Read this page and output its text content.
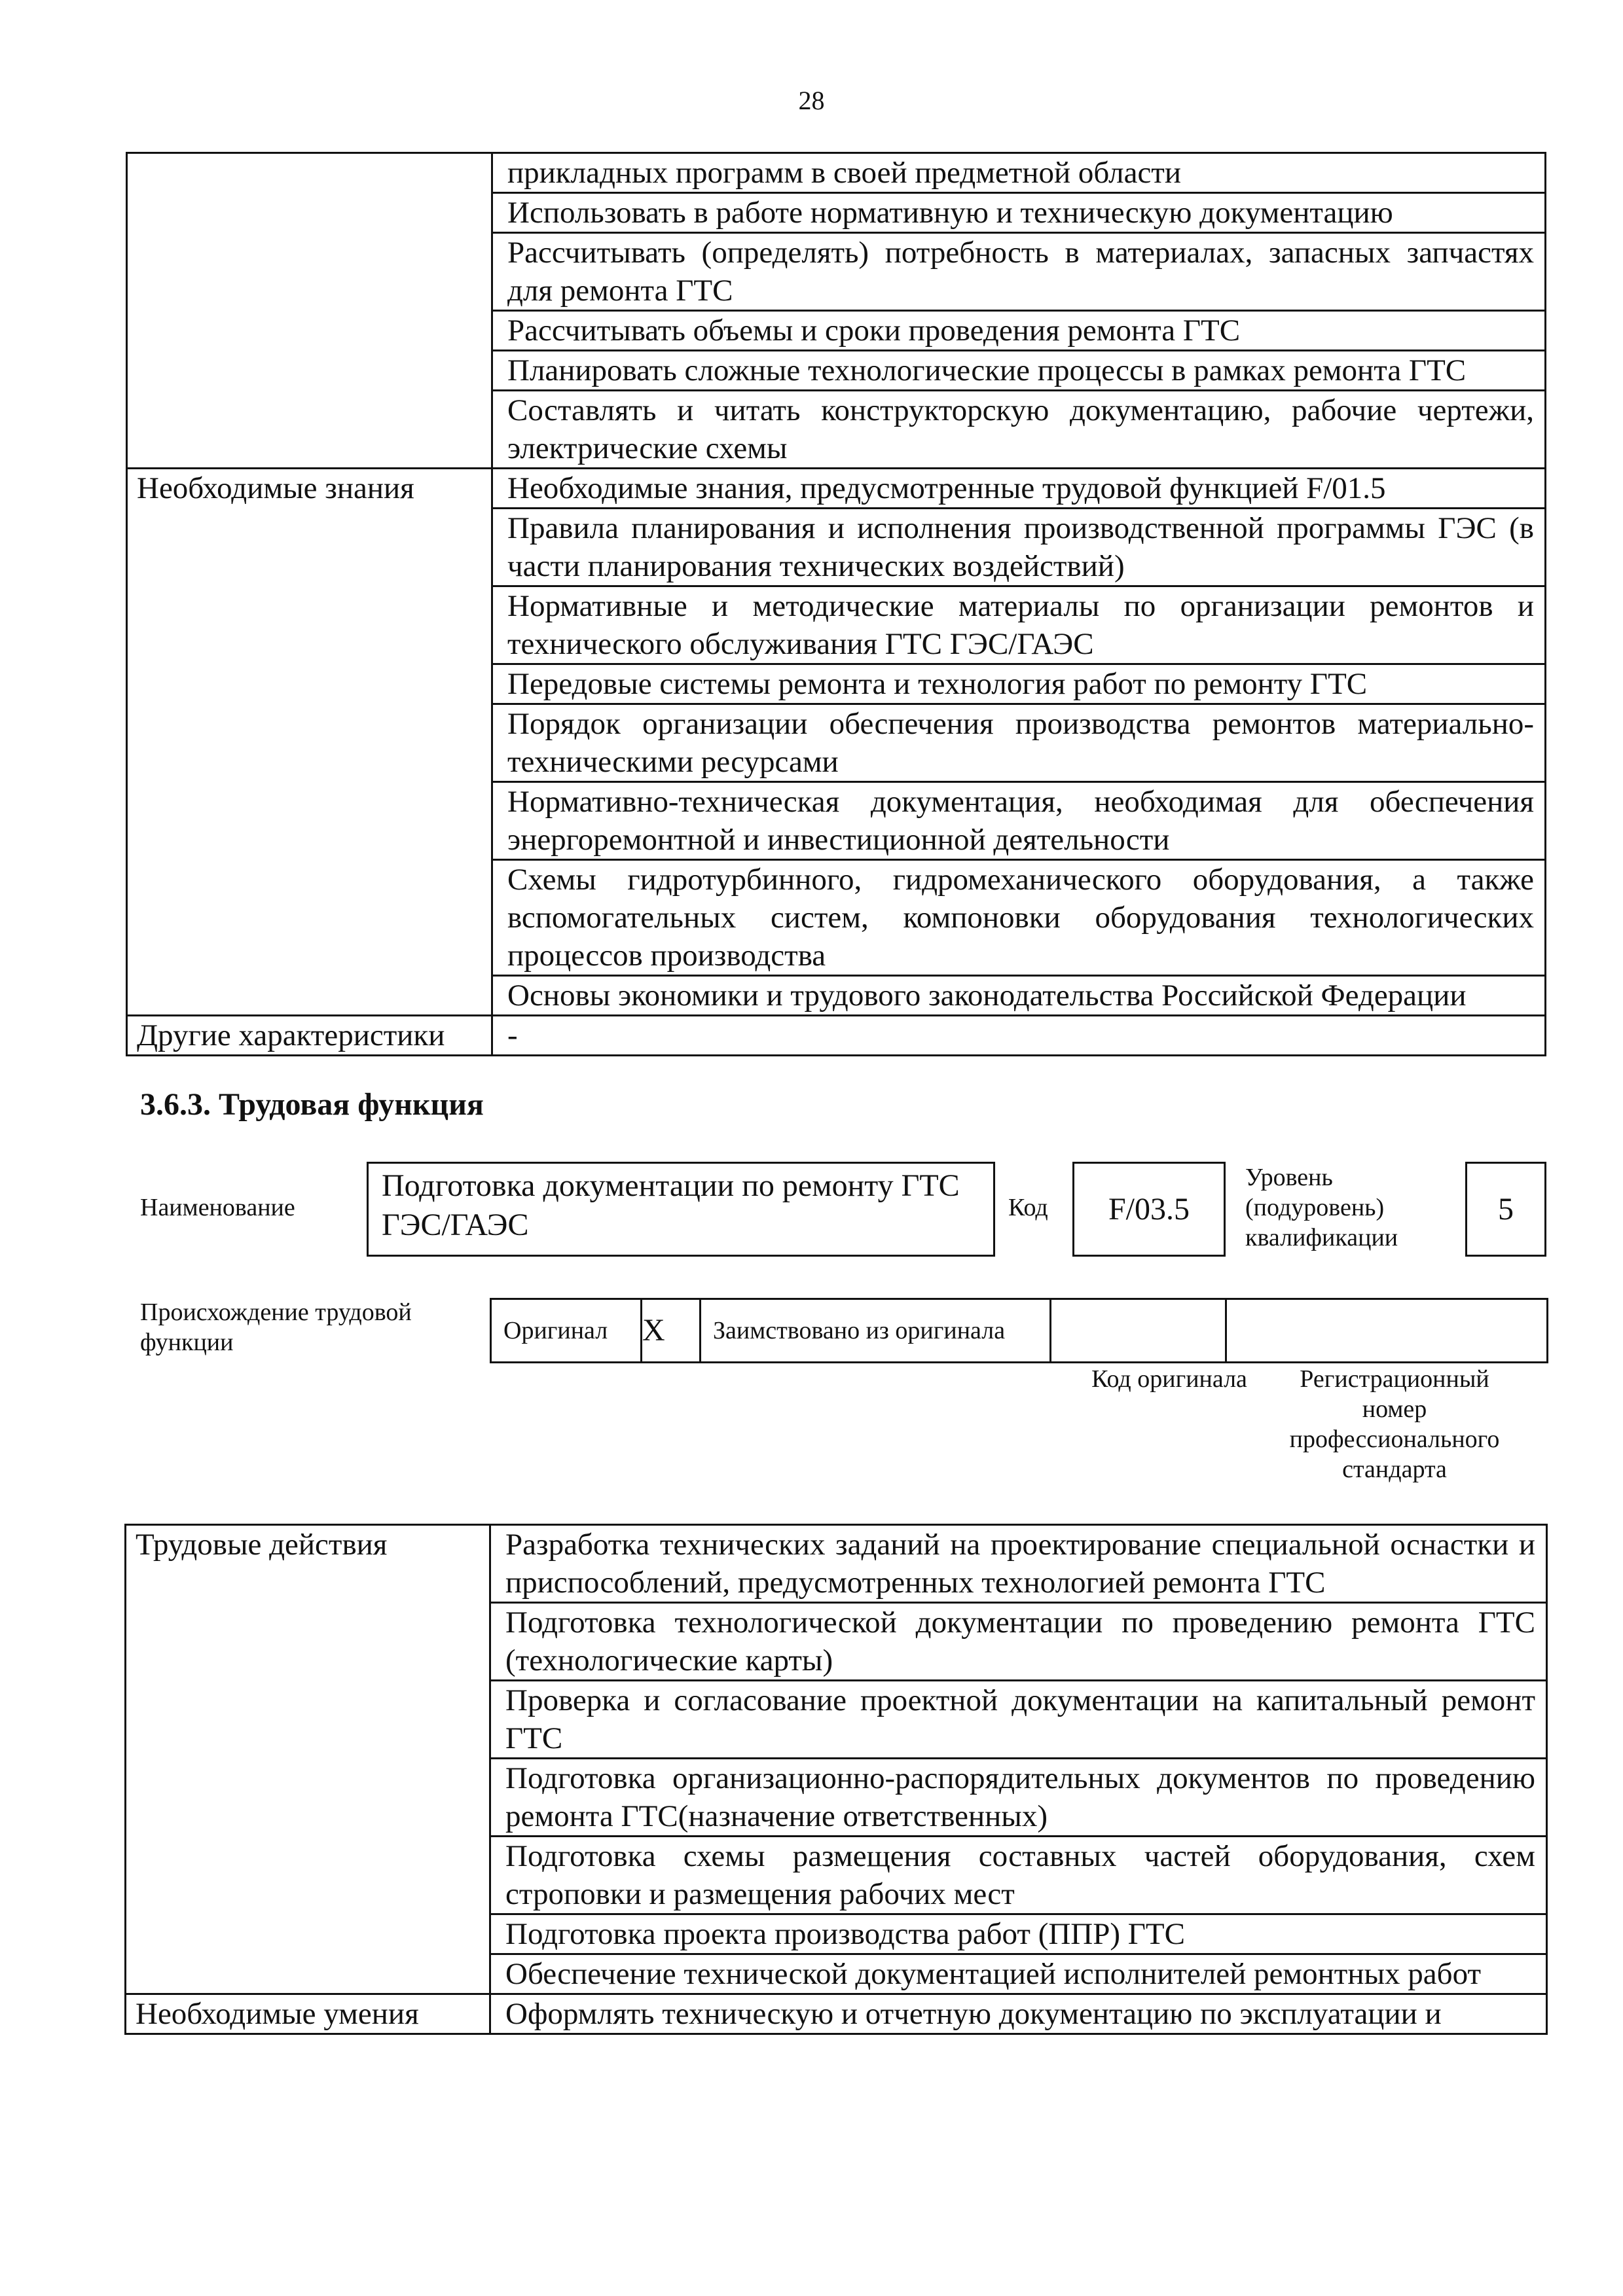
28
	прикладных программ в своей предметной области
	Использовать в работе нормативную и техническую документацию
	Рассчитывать (определять) потребность в материалах, запасных запчастях для ремонта ГТС
	Рассчитывать объемы и сроки проведения ремонта ГТС
	Планировать сложные технологические процессы в рамках ремонта ГТС
	Составлять и читать конструкторскую документацию, рабочие чертежи, электрические схемы
Необходимые знания	Необходимые знания, предусмотренные трудовой функцией F/01.5
	Правила планирования и исполнения производственной программы ГЭС (в части планирования технических воздействий)
	Нормативные и методические материалы по организации ремонтов и технического обслуживания ГТС ГЭС/ГАЭС
	Передовые системы ремонта и технология работ по ремонту ГТС
	Порядок организации обеспечения производства ремонтов материально-техническими ресурсами
	Нормативно-техническая документация, необходимая для обеспечения энергоремонтной и инвестиционной деятельности
	Схемы гидротурбинного, гидромеханического оборудования, а также вспомогательных систем, компоновки оборудования технологических процессов производства
	Основы экономики и трудового законодательства Российской Федерации
Другие характеристики	-
3.6.3. Трудовая функция
Наименование
Подготовка документации по ремонту ГТС ГЭС/ГАЭС	Код	F/03.5
Уровень (подуровень) квалификации
5
Происхождение трудовой функции	Оригинал	X	Заимствовано из оригинала		
Код оригинала	Регистрационный номер профессионального стандарта
Трудовые действия	Разработка технических заданий на проектирование специальной оснастки и приспособлений, предусмотренных технологией ремонта ГТС
	Подготовка технологической документации по проведению ремонта ГТС (технологические карты)
	Проверка и согласование проектной документации на капитальный ремонт ГТС
	Подготовка организационно-распорядительных документов по проведению ремонта ГТС(назначение ответственных)
	Подготовка схемы размещения составных частей оборудования, схем строповки и размещения рабочих мест
	Подготовка проекта производства работ (ППР) ГТС
	Обеспечение технической документацией исполнителей ремонтных работ
Необходимые умения	Оформлять техническую и отчетную документацию по эксплуатации и
